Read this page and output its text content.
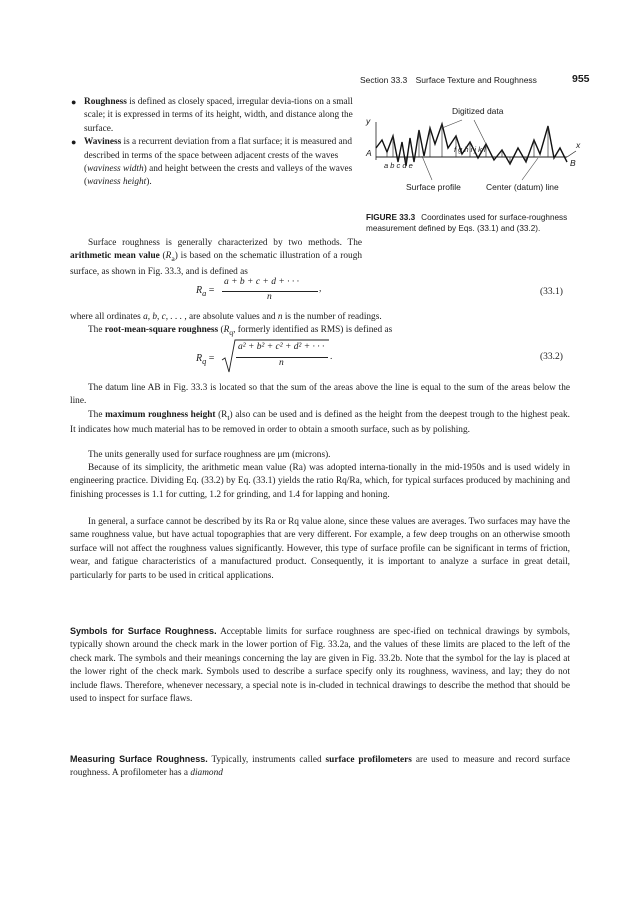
Section 33.3 Surface Texture and Roughness	955
● Roughness is defined as closely spaced, irregular devia-tions on a small scale; it is expressed in terms of its height, width, and distance along the surface.
● Waviness is a recurrent deviation from a flat surface; it is measured and described in terms of the space between adjacent crests of the waves (waviness width) and height between the crests and valleys of the waves (waviness height).
Digitized data
y
x
A
B
a b c d e
f g h i j k l
Surface profile	Center (datum) line
FIGURE 33.3 Coordinates used for surface-roughness measurement defined by Eqs. (33.1) and (33.2).
Surface roughness is generally characterized by two methods. The arithmetic mean value $(R_a)$ is based on the schematic illustration of a rough surface, as shown in Fig. 33.3, and is defined as
$R_a$ =
a + b + c + d + · · ·
n
,	(33.1)
where all ordinates a, b, c, . . . , are absolute values and n is the number of readings.
The root-mean-square roughness ($R_q$, formerly identified as RMS) is defined as
$R_q$ =
a² + b² + c² + d² + · · ·
n
.	(33.2)
The datum line AB in Fig. 33.3 is located so that the sum of the areas above the line is equal to the sum of the areas below the line.
The maximum roughness height $(R_t)$ also can be used and is defined as the height from the deepest trough to the highest peak. It indicates how much material has to be removed in order to obtain a smooth surface, such as by polishing.
The units generally used for surface roughness are μm (microns).
Because of its simplicity, the arithmetic mean value (Ra) was adopted interna-tionally in the mid-1950s and is used widely in engineering practice. Dividing Eq. (33.2) by Eq. (33.1) yields the ratio Rq/Ra, which, for typical surfaces produced by machining and finishing processes is 1.1 for cutting, 1.2 for grinding, and 1.4 for lapping and honing.
In general, a surface cannot be described by its Ra or Rq value alone, since these values are averages. Two surfaces may have the same roughness value, but have actual topographies that are very different. For example, a few deep troughs on an otherwise smooth surface will not affect the roughness values significantly. However, this type of surface profile can be significant in terms of friction, wear, and fatigue characteristics of a manufactured product. Consequently, it is important to analyze a surface in great detail, particularly for parts to be used in critical applications.
Symbols for Surface Roughness. Acceptable limits for surface roughness are spec-ified on technical drawings by symbols, typically shown around the check mark in the lower portion of Fig. 33.2a, and the values of these limits are placed to the left of the check mark. The symbols and their meanings concerning the lay are given in Fig. 33.2b. Note that the symbol for the lay is placed at the lower right of the check mark. Symbols used to describe a surface specify only its roughness, waviness, and lay; they do not include flaws. Therefore, whenever necessary, a special note is in-cluded in technical drawings to describe the method that should be used to inspect for surface flaws.
Measuring Surface Roughness. Typically, instruments called surface profilometers are used to measure and record surface roughness. A profilometer has a diamond
